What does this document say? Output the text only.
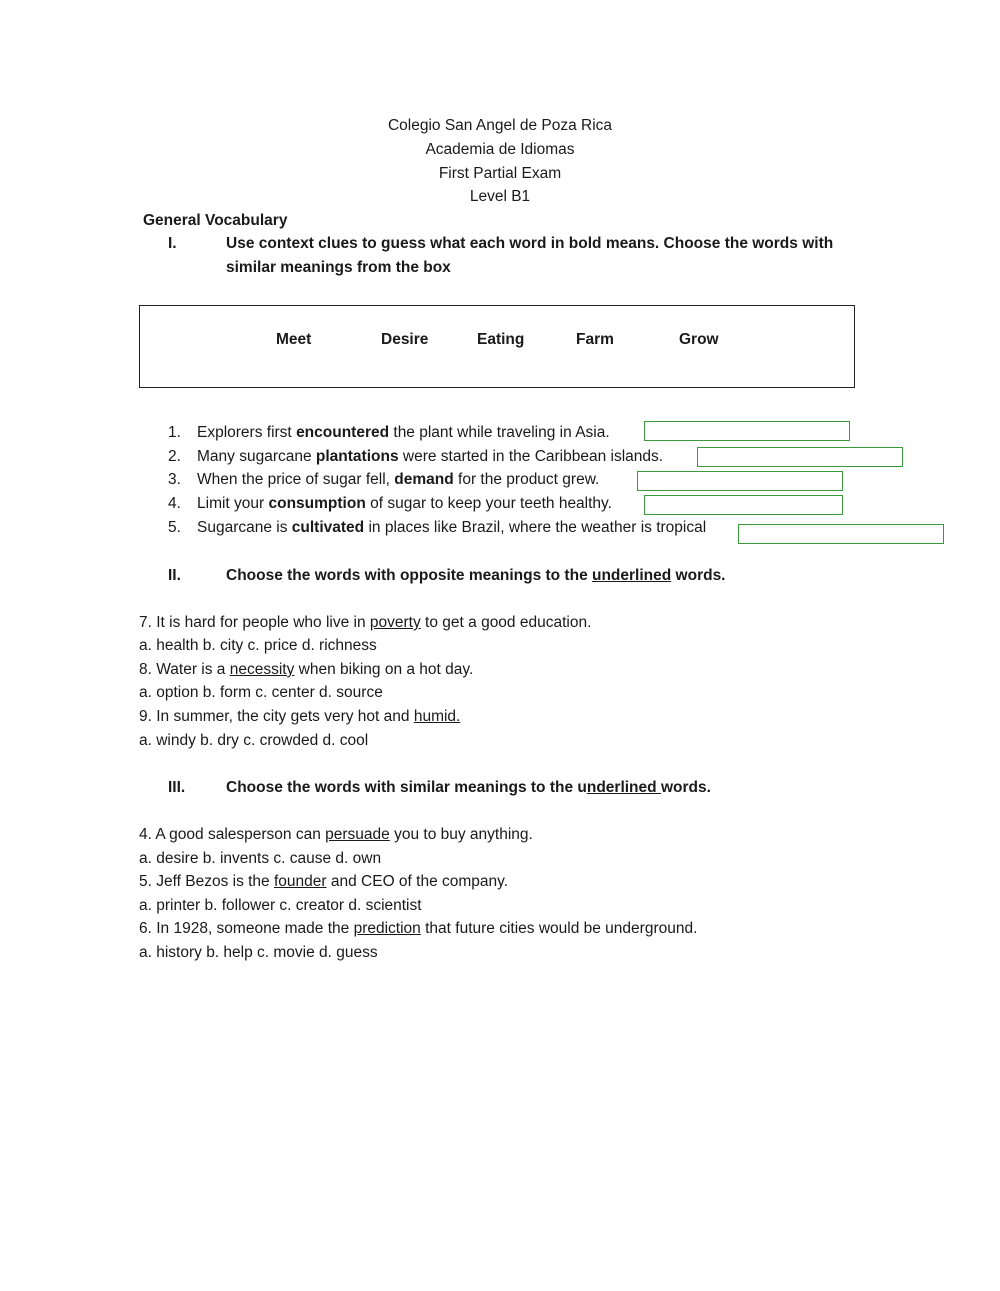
Colegio San Angel de Poza Rica
Academia de Idiomas
First Partial Exam
Level B1
General Vocabulary
I.	Use context clues to guess what each word in bold means. Choose the words with
similar meanings from the box
Meet	Desire	Eating	Farm	Grow
1. Explorers first encountered the plant while traveling in Asia.
2. Many sugarcane plantations were started in the Caribbean islands.
3. When the price of sugar fell, demand for the product grew.
4. Limit your consumption of sugar to keep your teeth healthy.
5. Sugarcane is cultivated in places like Brazil, where the weather is tropical
II.	Choose the words with opposite meanings to the underlined words.
7. It is hard for people who live in poverty to get a good education.
a. health b. city c. price d. richness
8. Water is a necessity when biking on a hot day.
a. option b. form c. center d. source
9. In summer, the city gets very hot and humid.
a. windy b. dry c. crowded d. cool
III.	Choose the words with similar meanings to the underlined words.
4. A good salesperson can persuade you to buy anything.
a. desire b. invents c. cause d. own
5. Jeff Bezos is the founder and CEO of the company.
a. printer b. follower c. creator d. scientist
6. In 1928, someone made the prediction that future cities would be underground.
a. history b. help c. movie d. guess
